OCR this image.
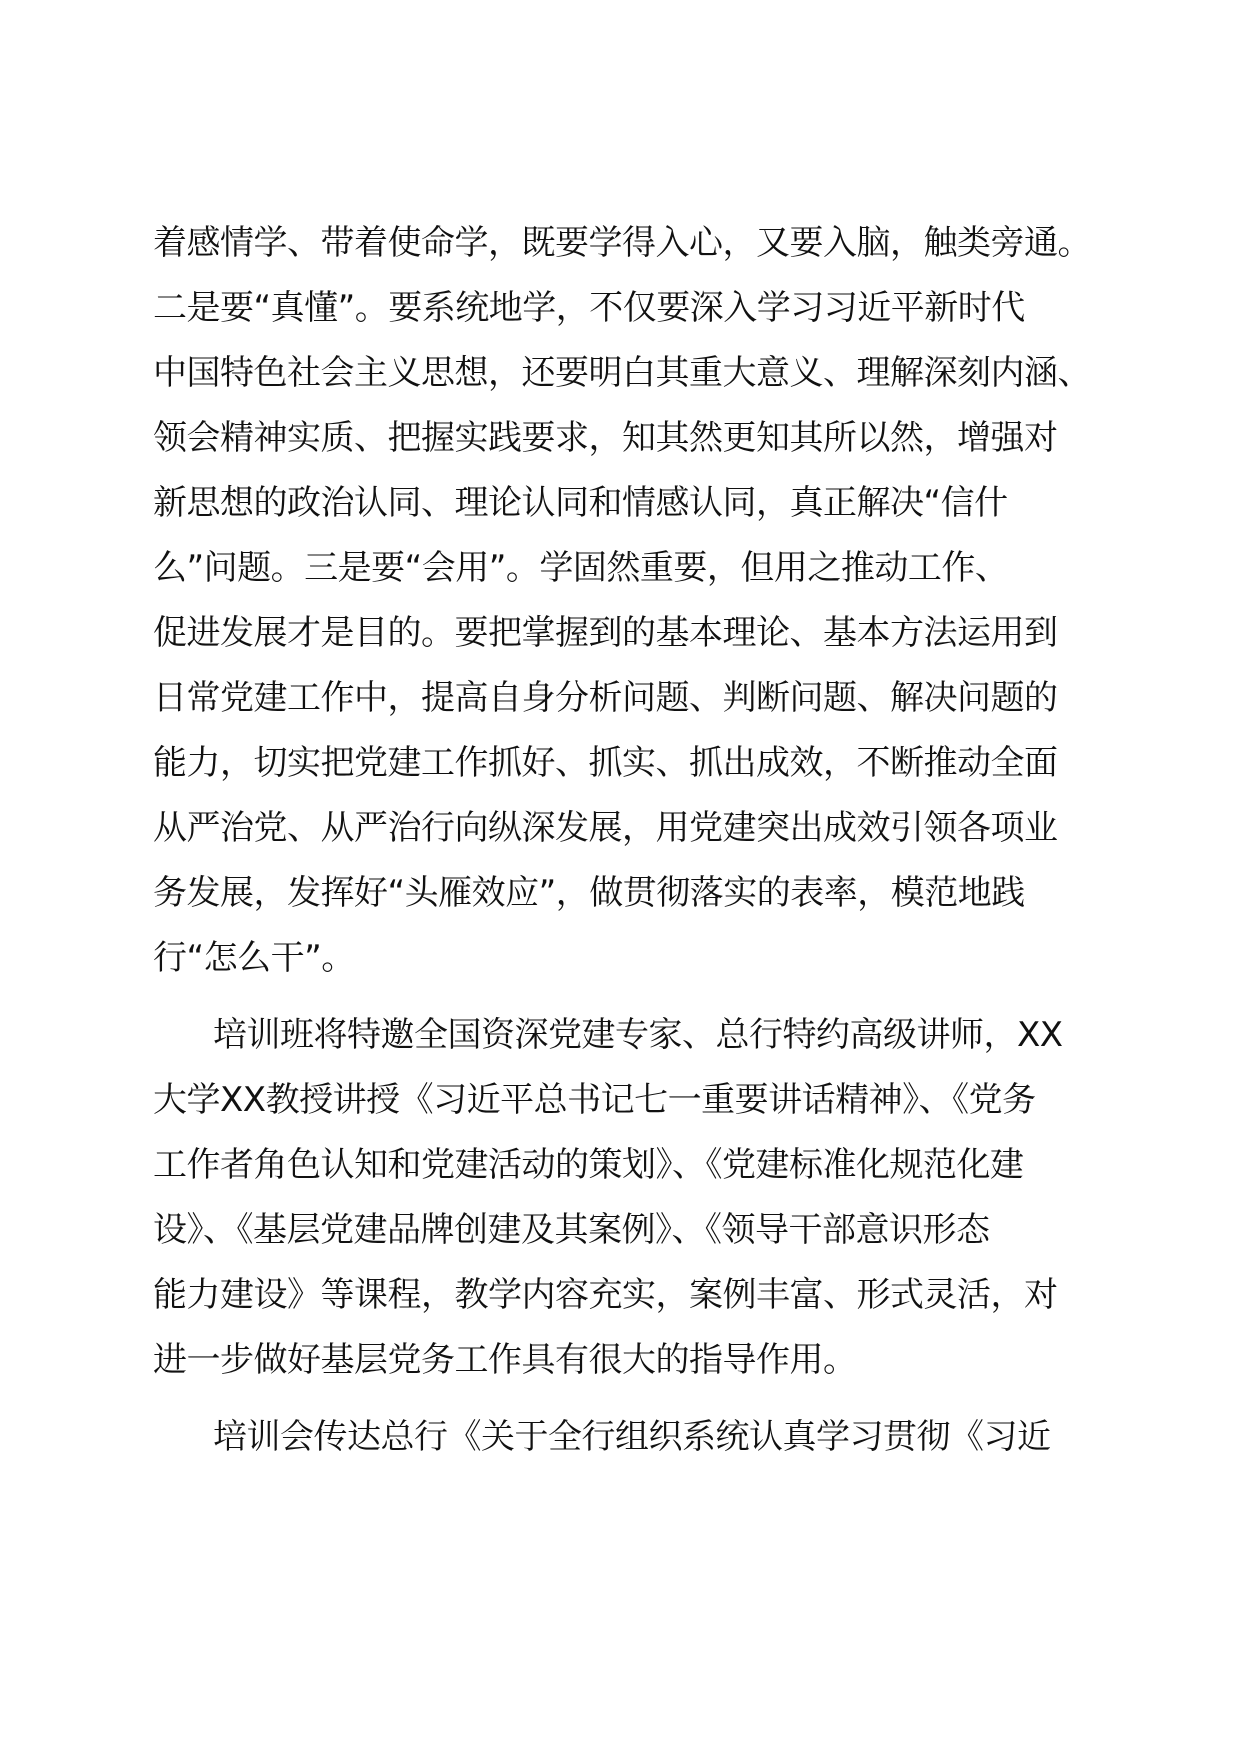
着感情学、带着使命学，既要学得入心，又要入脑，触类旁通。
二是要“真懂”。要系统地学，不仅要深入学习习近平新时代
中国特色社会主义思想，还要明白其重大意义、理解深刻内涵、
领会精神实质、把握实践要求，知其然更知其所以然，增强对
新思想的政治认同、理论认同和情感认同，真正解决“信什
么”问题。三是要“会用”。学固然重要，但用之推动工作、
促进发展才是目的。要把掌握到的基本理论、基本方法运用到
日常党建工作中，提高自身分析问题、判断问题、解决问题的
能力，切实把党建工作抓好、抓实、抓出成效，不断推动全面
从严治党、从严治行向纵深发展，用党建突出成效引领各项业
务发展，发挥好“头雁效应”，做贯彻落实的表率，模范地践
行“怎么干”。
培训班将特邀全国资深党建专家、总行特约高级讲师，XX
大学XX教授讲授《习近平总书记七一重要讲话精神》、《党务
工作者角色认知和党建活动的策划》、《党建标准化规范化建
设》、《基层党建品牌创建及其案例》、《领导干部意识形态
能力建设》等课程，教学内容充实，案例丰富、形式灵活，对
进一步做好基层党务工作具有很大的指导作用。
培训会传达总行《关于全行组织系统认真学习贯彻《习近
